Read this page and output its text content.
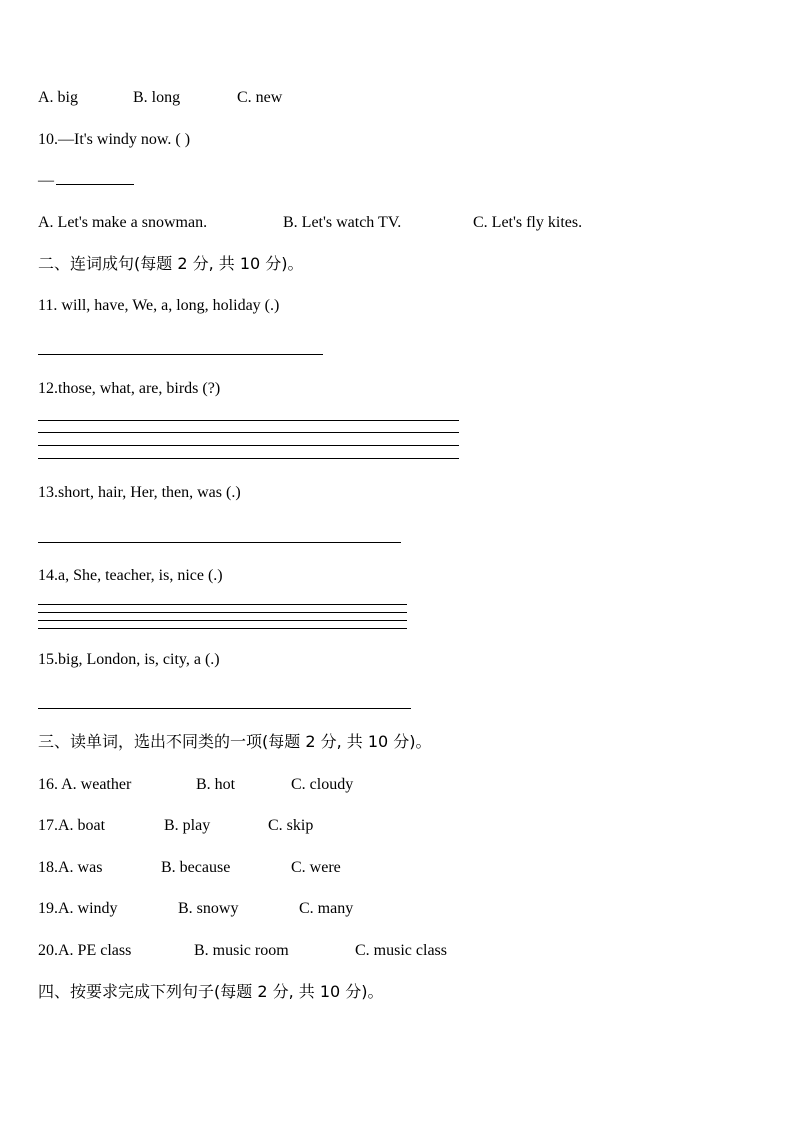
A. big	B. long	C. new
10.—It's windy now. ( )
—
A. Let's make a snowman.	B. Let's watch TV.	C. Let's fly kites.
二、连词成句(每题 2 分, 共 10 分)。
11. will, have, We, a, long, holiday (.)
12.those, what, are, birds (?)
13.short, hair, Her, then, was (.)
14.a, She, teacher, is, nice (.)
15.big, London, is, city, a (.)
三、读单词，选出不同类的一项(每题 2 分, 共 10 分)。
16. A. weather	B. hot	C. cloudy
17.A. boat	B. play	C. skip
18.A. was	B. because	C. were
19.A. windy	B. snowy	C. many
20.A. PE class	B. music room	C. music class
四、按要求完成下列句子(每题 2 分, 共 10 分)。
